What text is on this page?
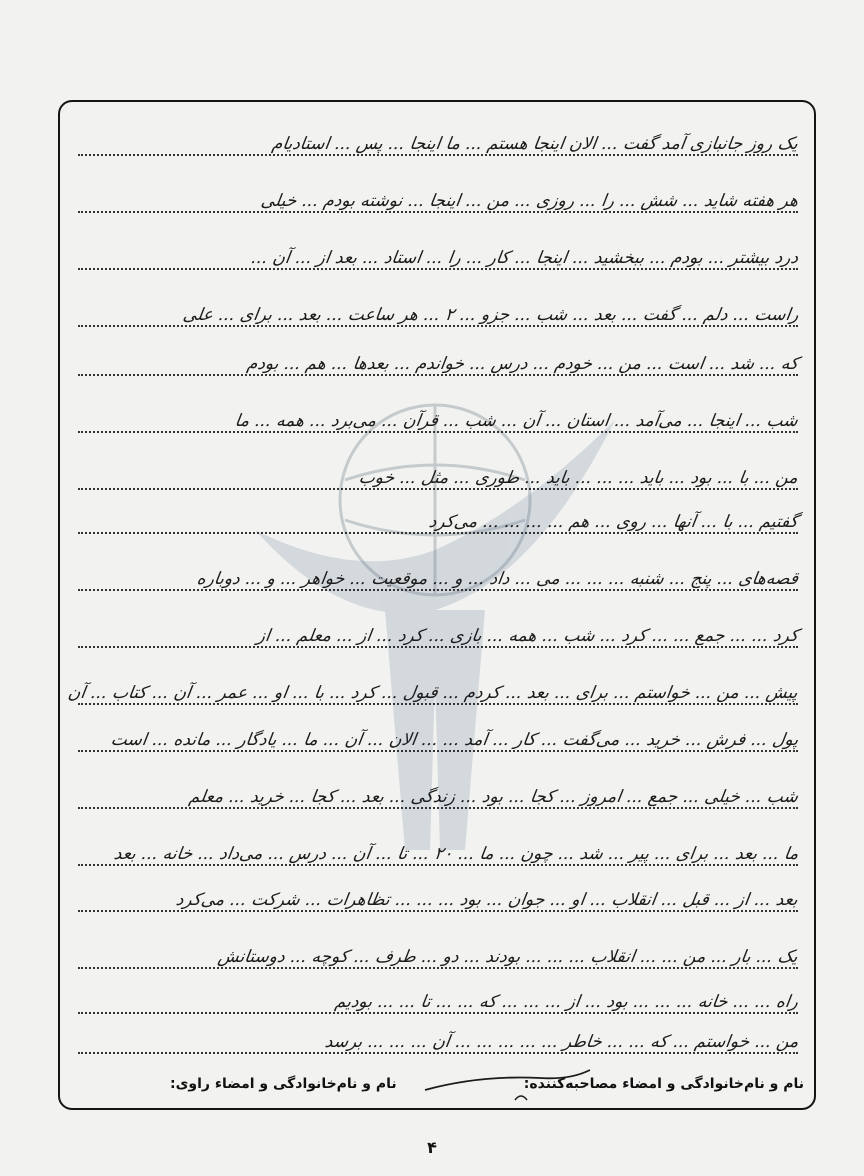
یک روز جانبازی آمد گفت ... الان اینجا هستم ... ما اینجا ... پس ... استادیام
هر هفته شاید ... شش ... را ... روزی ... من ... اینجا ... نوشته بودم ... خیلی
درد بیشتر ... بودم ... ببخشید ... اینجا ... کار ... را ... استاد ... بعد از ... آن ...
راست ... دلم ... گفت ... بعد ... شب ... جزو ... ۲ ... هر ساعت ... بعد ... برای ... علی
که ... شد ... است ... من ... خودم ... درس ... خواندم ... بعدها ... هم ... بودم
شب ... اینجا ... می‌آمد ... استان ... آن ... شب ... قرآن ... می‌برد ... همه ... ما
من ... با ... بود ... باید ... ... ... باید ... طوری ... مثل ... خوب
گفتیم ... با ... آنها ... روی ... هم ... ... ... ... می‌کرد
قصه‌های ... پنج ... شنبه ... ... ... می ... داد ... و ... موقعیت ... خواهر ... و ... دوباره
کرد ... ... جمع ... ... کرد ... شب ... همه ... بازی ... کرد ... از ... معلم ... از
پیش ... من ... خواستم ... برای ... بعد ... کردم ... قبول ... کرد ... با ... او ... عمر ... آن ... کتاب ... آن
پول ... فرش ... خرید ... می‌گفت ... کار ... آمد ... ... الان ... آن ... ما ... یادگار ... مانده ... است
شب ... خیلی ... جمع ... امروز ... کجا ... بود ... زندگی ... بعد ... کجا ... خرید ... معلم
ما ... بعد ... برای ... پیر ... شد ... چون ... ما ... ۲۰ ... تا ... آن ... درس ... می‌داد ... خانه ... بعد
بعد ... از ... قبل ... انقلاب ... او ... جوان ... بود ... ... ... تظاهرات ... شرکت ... می‌کرد
یک ... بار ... من ... ... انقلاب ... ... ... بودند ... دو ... طرف ... کوچه ... دوستانش
راه ... ... خانه ... ... ... بود ... از ... ... ... که ... ... تا ... ... بودیم
من ... خواستم ... که ... ... خاطر ... ... ... ... ... آن ... ... ... برسد
نام و نام‌خانوادگی و امضاء راوی:	نام و نام‌خانوادگی و امضاء مصاحبه‌کننده:
۴
